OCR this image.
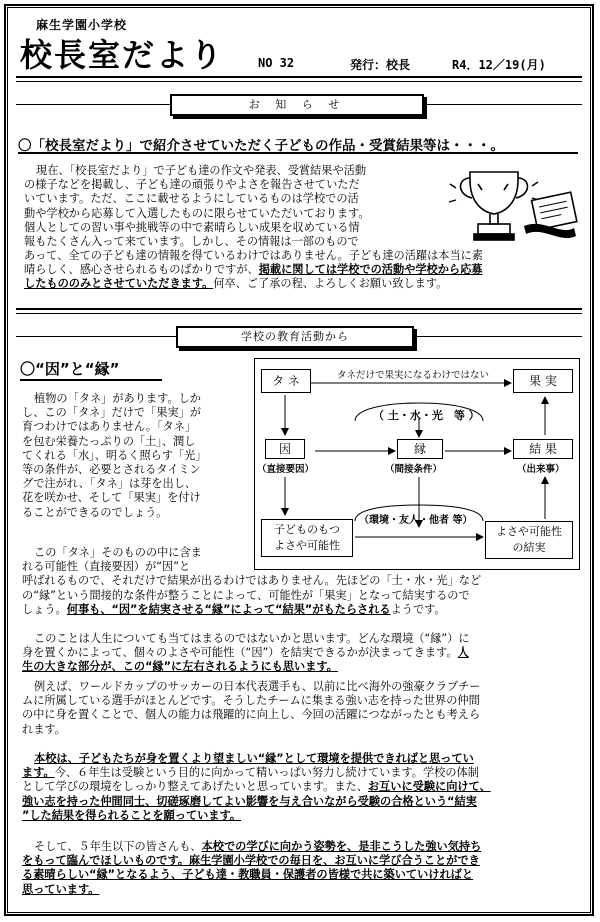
麻生学園小学校
校長室だより	NO 32	発行：校長	R4．12／19(月)
お 知 ら せ
〇「校長室だより」で紹介させていただく子どもの作品・受賞結果等は・・・。
現在、「校長室だより」で子ども達の作文や発表、受賞結果や活動
の様子などを掲載し、子ども達の頑張りやよさを報告させていただ
いています。ただ、ここに載せるようにしているものは学校での活
動や学校から応募して入選したものに限らせていただいております。
個人としての習い事や挑戦等の中で素晴らしい成果を収めている情
報もたくさん入って来ています。しかし、その情報は一部のもので
あって、全ての子ども達の情報を得ているわけではありません。子ども達の活躍は本当に素
晴らしく、感心させられるものばかりですが、掲載に関しては学校での活動や学校から応募
したもののみとさせていただきます。何卒、ご了承の程、よろしくお願い致します。
学校の教育活動から
〇“因”と“縁”
植物の「タネ」があります。しか
し、この「タネ」だけで「果実」が
育つわけではありません。「タネ」
を包む栄養たっぷりの「土」、潤し
てくれる「水」、明るく照らす「光」
等の条件が、必要とされるタイミン
グで注がれ、「タネ」は芽を出し、
花を咲かせ、そして「果実」を付け
ることができるのでしょう。
この「タネ」そのものの中に含ま
れる可能性（直接要因）が“因”と
呼ばれるもので、それだけで結果が出るわけではありません。先ほどの「土・水・光」など
の“縁”という間接的な条件が整うことによって、可能性が「果実」となって結実するので
しょう。何事も、“因”を結実させる“縁”によって“結果”がもたらされるようです。
このことは人生についても当てはまるのではないかと思います。どんな環境（“縁”）に
身を置くかによって、個々のよさや可能性（“因”）を結実できるかが決まってきます。人
生の大きな部分が、この“縁”に左右されるようにも思います。
例えば、ワールドカップのサッカーの日本代表選手も、以前に比べ海外の強豪クラブチー
ムに所属している選手がほとんどです。そうしたチームに集まる強い志を持った世界の仲間
の中に身を置くことで、個人の能力は飛躍的に向上し、今回の活躍につながったとも考えら
れます。
本校は、子どもたちが身を置くより望ましい“縁”として環境を提供できればと思ってい
ます。今、６年生は受験という目的に向かって精いっぱい努力し続けています。学校の体制
として学びの環境をしっかり整えてあげたいと思っています。また、お互いに受験に向けて、
強い志を持った仲間同士、切磋琢磨してよい影響を与え合いながら受験の合格という“結実
”した結果を得られることを願っています。
そして、５年生以下の皆さんも、本校での学びに向かう姿勢を、是非こうした強い気持ち
をもって臨んでほしいものです。麻生学園小学校での毎日を、お互いに学び合うことができ
る素晴らしい“縁”となるよう、子ども達・教職員・保護者の皆様で共に築いていければと
思っています。
タ ネ	タネだけで果実になるわけではない	果 実
（ 土・水・光　等 ）
因
（直接要因）
縁
（間接条件）
結 果
（出来事）
（環境・友人・他者 等）
子どものもつ
よさや可能性
よさや可能性
の結実
